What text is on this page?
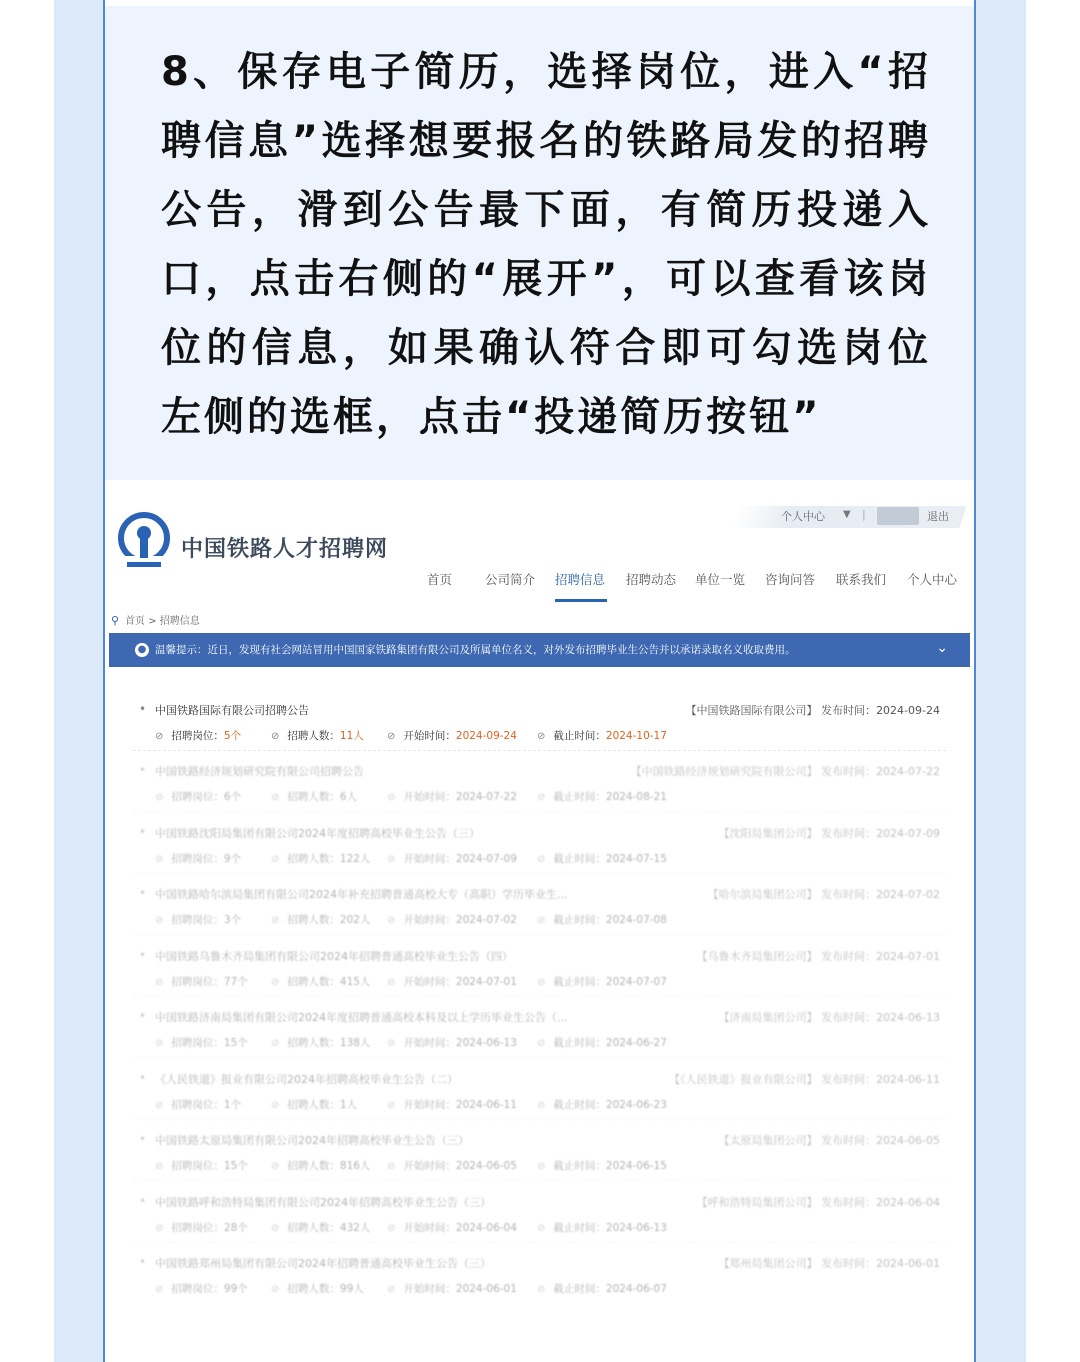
8、保存电子简历，选择岗位，进入“招聘信息”选择想要报名的铁路局发的招聘公告，滑到公告最下面，有简历投递入口，点击右侧的“展开”，可以查看该岗位的信息，如果确认符合即可勾选岗位左侧的选框，点击“投递简历按钮”

中国铁路人才招聘网
个人中心 ▼ |	退出
首页	公司简介 招聘信息 招聘动态 单位一览 咨询问答 联系我们 个人中心
⚲ 首页 > 招聘信息
● 温馨提示：近日，发现有社会网站冒用中国国家铁路集团有限公司及所属单位名义，对外发布招聘毕业生公告并以承诺录取名义收取费用。	⌄
• 中国铁路国际有限公司招聘公告	【中国铁路国际有限公司】 发布时间：2024-09-24
⊘ 招聘岗位：5个	⊘ 招聘人数：11人 ⊘ 开始时间：2024-09-24 ⊘ 截止时间：2024-10-17
• 中国铁路经济规划研究院有限公司招聘公告	【中国铁路经济规划研究院有限公司】 发布时间：2024-07-22
⊘ 招聘岗位：6个	⊘ 招聘人数：6人	⊘ 开始时间：2024-07-22 ⊘ 截止时间：2024-08-21
• 中国铁路沈阳局集团有限公司2024年度招聘高校毕业生公告（三）	【沈阳局集团公司】 发布时间：2024-07-09
⊘ 招聘岗位：9个	⊘ 招聘人数：122人 ⊘ 开始时间：2024-07-09 ⊘ 截止时间：2024-07-15
• 中国铁路哈尔滨局集团有限公司2024年补充招聘普通高校大专（高职）学历毕业生...	【哈尔滨局集团公司】 发布时间：2024-07-02
⊘ 招聘岗位：3个	⊘ 招聘人数：202人 ⊘ 开始时间：2024-07-02 ⊘ 截止时间：2024-07-08
• 中国铁路乌鲁木齐局集团有限公司2024年招聘普通高校毕业生公告（四）	【乌鲁木齐局集团公司】 发布时间：2024-07-01
⊘ 招聘岗位：77个 ⊘ 招聘人数：415人 ⊘ 开始时间：2024-07-01 ⊘ 截止时间：2024-07-07
• 中国铁路济南局集团有限公司2024年度招聘普通高校本科及以上学历毕业生公告（...	【济南局集团公司】 发布时间：2024-06-13
⊘ 招聘岗位：15个 ⊘ 招聘人数：138人 ⊘ 开始时间：2024-06-13 ⊘ 截止时间：2024-06-27
• 《人民铁道》报业有限公司2024年招聘高校毕业生公告（二）	【《人民铁道》报业有限公司】 发布时间：2024-06-11
⊘ 招聘岗位：1个	⊘ 招聘人数：1人	⊘ 开始时间：2024-06-11 ⊘ 截止时间：2024-06-23
• 中国铁路太原局集团有限公司2024年招聘高校毕业生公告（三）	【太原局集团公司】 发布时间：2024-06-05
⊘ 招聘岗位：15个 ⊘ 招聘人数：816人 ⊘ 开始时间：2024-06-05 ⊘ 截止时间：2024-06-15
• 中国铁路呼和浩特局集团有限公司2024年招聘高校毕业生公告（三）	【呼和浩特局集团公司】 发布时间：2024-06-04
⊘ 招聘岗位：28个 ⊘ 招聘人数：432人 ⊘ 开始时间：2024-06-04 ⊘ 截止时间：2024-06-13
• 中国铁路郑州局集团有限公司2024年招聘普通高校毕业生公告（三）	【郑州局集团公司】 发布时间：2024-06-01
⊘ 招聘岗位：99个 ⊘ 招聘人数：99人 ⊘ 开始时间：2024-06-01 ⊘ 截止时间：2024-06-07
